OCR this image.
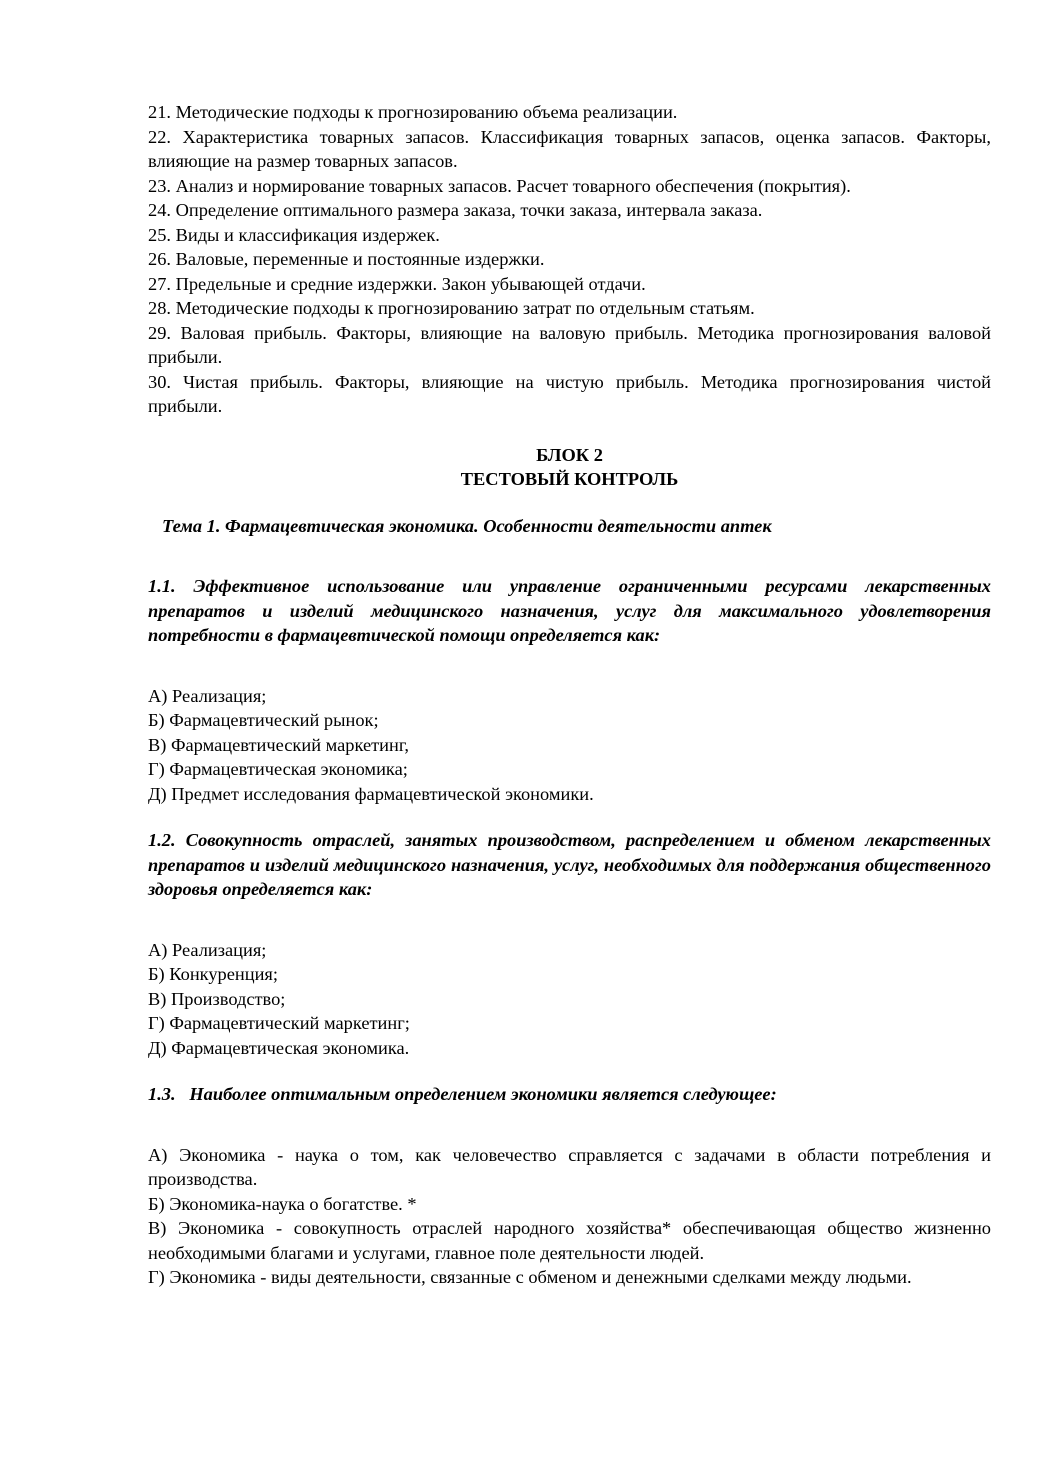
21. Методические подходы к прогнозированию объема реализации.

22. Характеристика товарных запасов. Классификация товарных запасов, оценка запасов. Факторы, влияющие на размер товарных запасов.

23. Анализ и нормирование товарных запасов. Расчет товарного обеспечения (покрытия).

24. Определение оптимального размера заказа, точки заказа, интервала заказа.

25. Виды и классификация издержек.

26. Валовые, переменные и постоянные издержки.

27. Предельные и средние издержки. Закон убывающей отдачи.

28. Методические подходы к прогнозированию затрат по отдельным статьям.

29. Валовая прибыль. Факторы, влияющие на валовую прибыль. Методика прогнозирования валовой прибыли.

30. Чистая прибыль. Факторы, влияющие на чистую прибыль. Методика прогнозирования чистой прибыли.

БЛОК 2

ТЕСТОВЫЙ КОНТРОЛЬ

Тема 1. Фармацевтическая экономика. Особенности деятельности аптек

1.1. Эффективное использование или управление ограниченными ресурсами лекарственных препаратов и изделий медицинского назначения, услуг для максимального удовлетворения потребности в фармацевтической помощи определяется как:

А) Реализация;

Б) Фармацевтический рынок;

В) Фармацевтический маркетинг,

Г) Фармацевтическая экономика;

Д) Предмет исследования фармацевтической экономики.

1.2. Совокупность отраслей, занятых производством, распределением и обменом лекарственных препаратов и изделий медицинского назначения, услуг, необходимых для поддержания общественного здоровья определяется как:

А) Реализация;

Б) Конкуренция;

В) Производство;

Г) Фармацевтический маркетинг;

Д) Фармацевтическая экономика.

1.3.   Наиболее оптимальным определением экономики является следующее:

А) Экономика - наука о том, как человечество справляется с задачами в области потребления и производства.

Б) Экономика-наука о богатстве. *

В) Экономика - совокупность отраслей народного хозяйства* обеспечивающая общество жизненно необходимыми благами и услугами, главное поле деятельности людей.

Г) Экономика - виды деятельности, связанные с обменом и денежными сделками между людьми.
